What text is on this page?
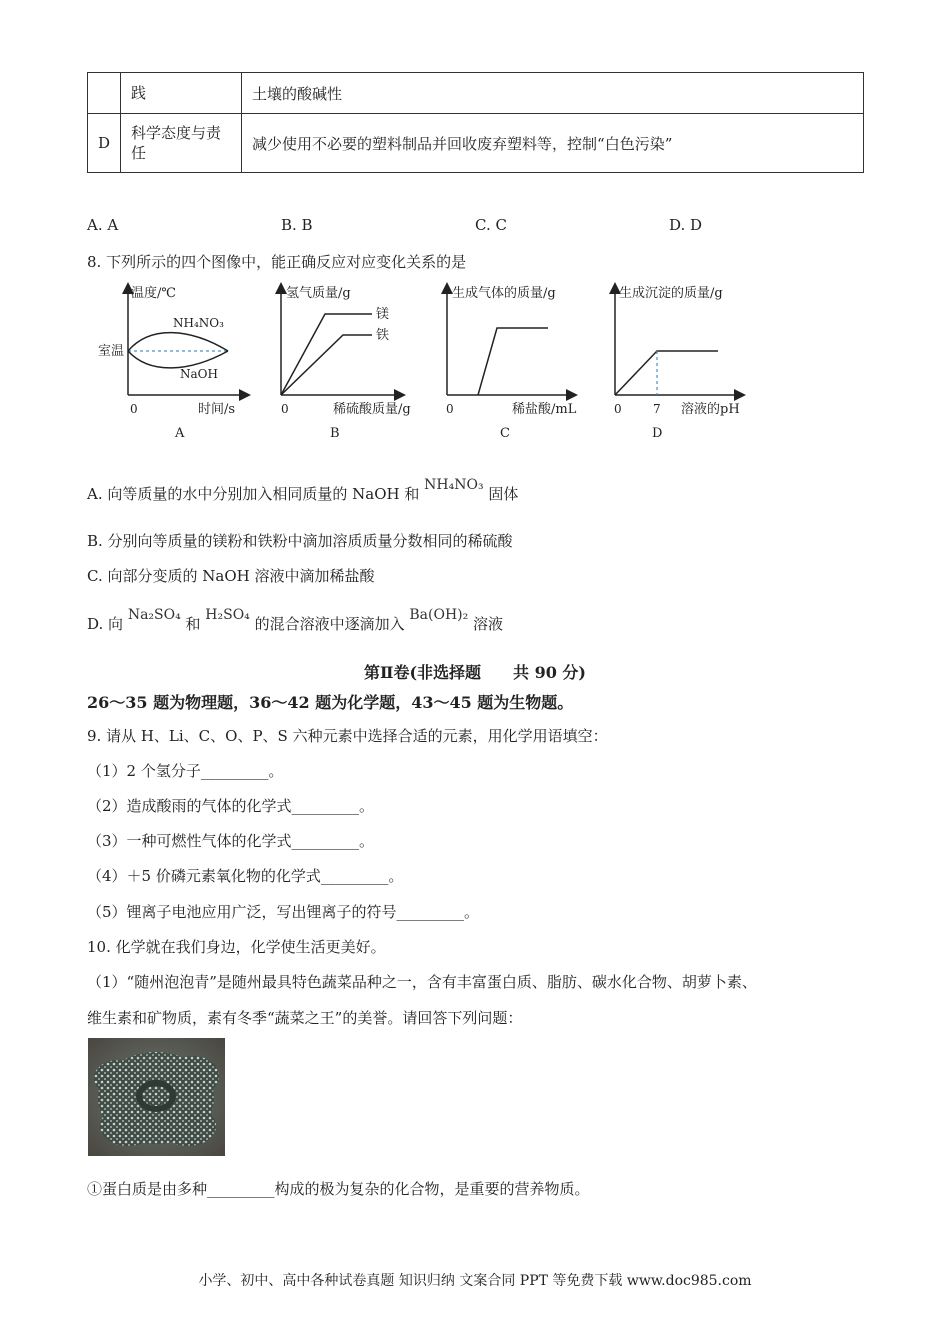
	践	土壤的酸碱性
D	科学态度与责任	减少使用不必要的塑料制品并回收废弃塑料等，控制“白色污染”
A. A	B. B	C. C	D. D
8. 下列所示的四个图像中，能正确反应对应变化关系的是
温度/℃
室温
NH₄NO₃
NaOH
0	时间/s
A
氢气质量/g
镁
铁
0	稀硫酸质量/g
B
生成气体的质量/g
0	稀盐酸/mL
C
生成沉淀的质量/g
0	7 溶液的pH
D
A. 向等质量的水中分别加入相同质量的 NaOH 和 NH₄NO₃ 固体
B. 分别向等质量的镁粉和铁粉中滴加溶质质量分数相同的稀硫酸
C. 向部分变质的 NaOH 溶液中滴加稀盐酸
D. 向 Na₂SO₄ 和 H₂SO₄ 的混合溶液中逐滴加入 Ba(OH)₂ 溶液
第Ⅱ卷(非选择题　　共 90 分)
26～35 题为物理题，36～42 题为化学题，43～45 题为生物题。
9. 请从 H、Li、C、O、P、S 六种元素中选择合适的元素，用化学用语填空：
（1）2 个氢分子_________。
（2）造成酸雨的气体的化学式_________。
（3）一种可燃性气体的化学式_________。
（4）＋5 价磷元素氧化物的化学式_________。
（5）锂离子电池应用广泛，写出锂离子的符号_________。
10. 化学就在我们身边，化学使生活更美好。
（1）“随州泡泡青”是随州最具特色蔬菜品种之一，含有丰富蛋白质、脂肪、碳水化合物、胡萝卜素、
维生素和矿物质，素有冬季“蔬菜之王”的美誉。请回答下列问题：
①蛋白质是由多种_________构成的极为复杂的化合物，是重要的营养物质。
小学、初中、高中各种试卷真题 知识归纳 文案合同 PPT 等免费下载 www.doc985.com
